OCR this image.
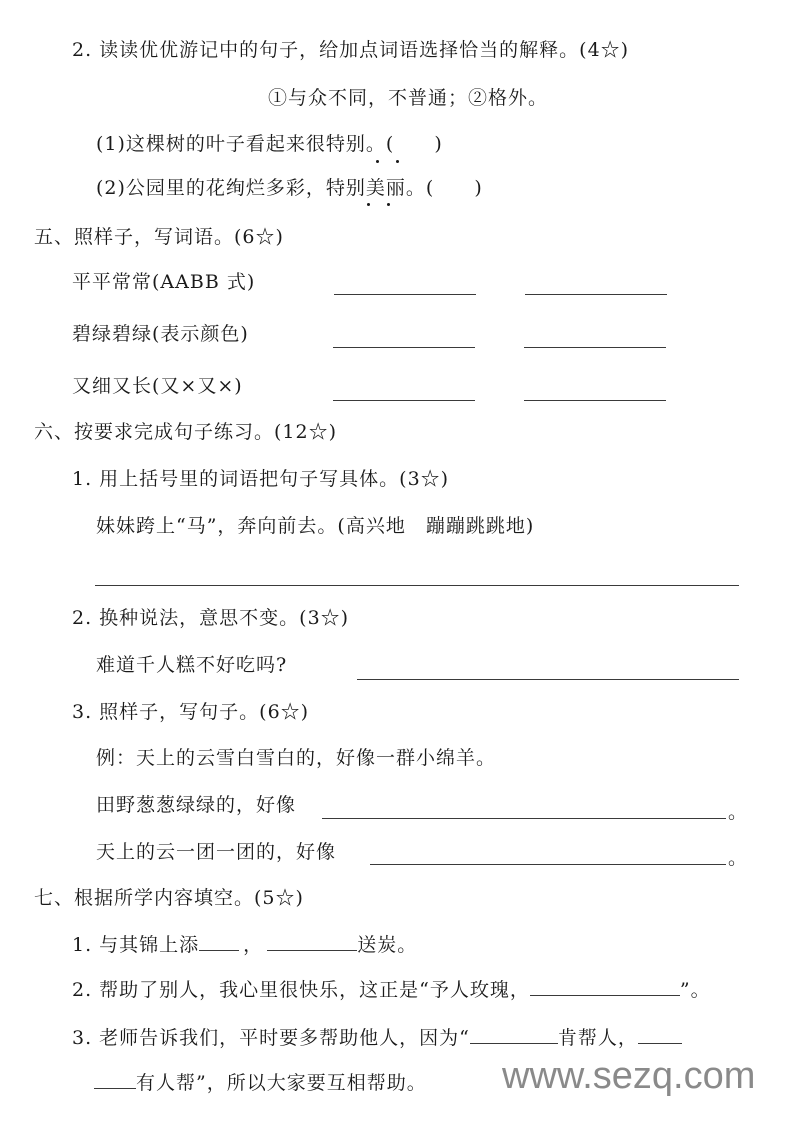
2. 读读优优游记中的句子，给加点词语选择恰当的解释。(4☆)
①与众不同，不普通；②格外。
(1)这棵树的叶子看起来很特别。(　　)
(2)公园里的花绚烂多彩，特别美丽。(　　)
五、照样子，写词语。(6☆)
平平常常(AABB 式)
碧绿碧绿(表示颜色)
又细又长(又×又×)
六、按要求完成句子练习。(12☆)
1. 用上括号里的词语把句子写具体。(3☆)
妹妹跨上“马”，奔向前去。(高兴地　蹦蹦跳跳地)
2. 换种说法，意思不变。(3☆)
难道千人糕不好吃吗?
3. 照样子，写句子。(6☆)
例：天上的云雪白雪白的，好像一群小绵羊。
田野葱葱绿绿的，好像	。
天上的云一团一团的，好像	。
七、根据所学内容填空。(5☆)
1. 与其锦上添 ，	送炭。
2. 帮助了别人，我心里很快乐，这正是“予人玫瑰，	”。
3. 老师告诉我们，平时要多帮助他人，因为“	肯帮人，
有人帮”，所以大家要互相帮助。 www.sezq.com
